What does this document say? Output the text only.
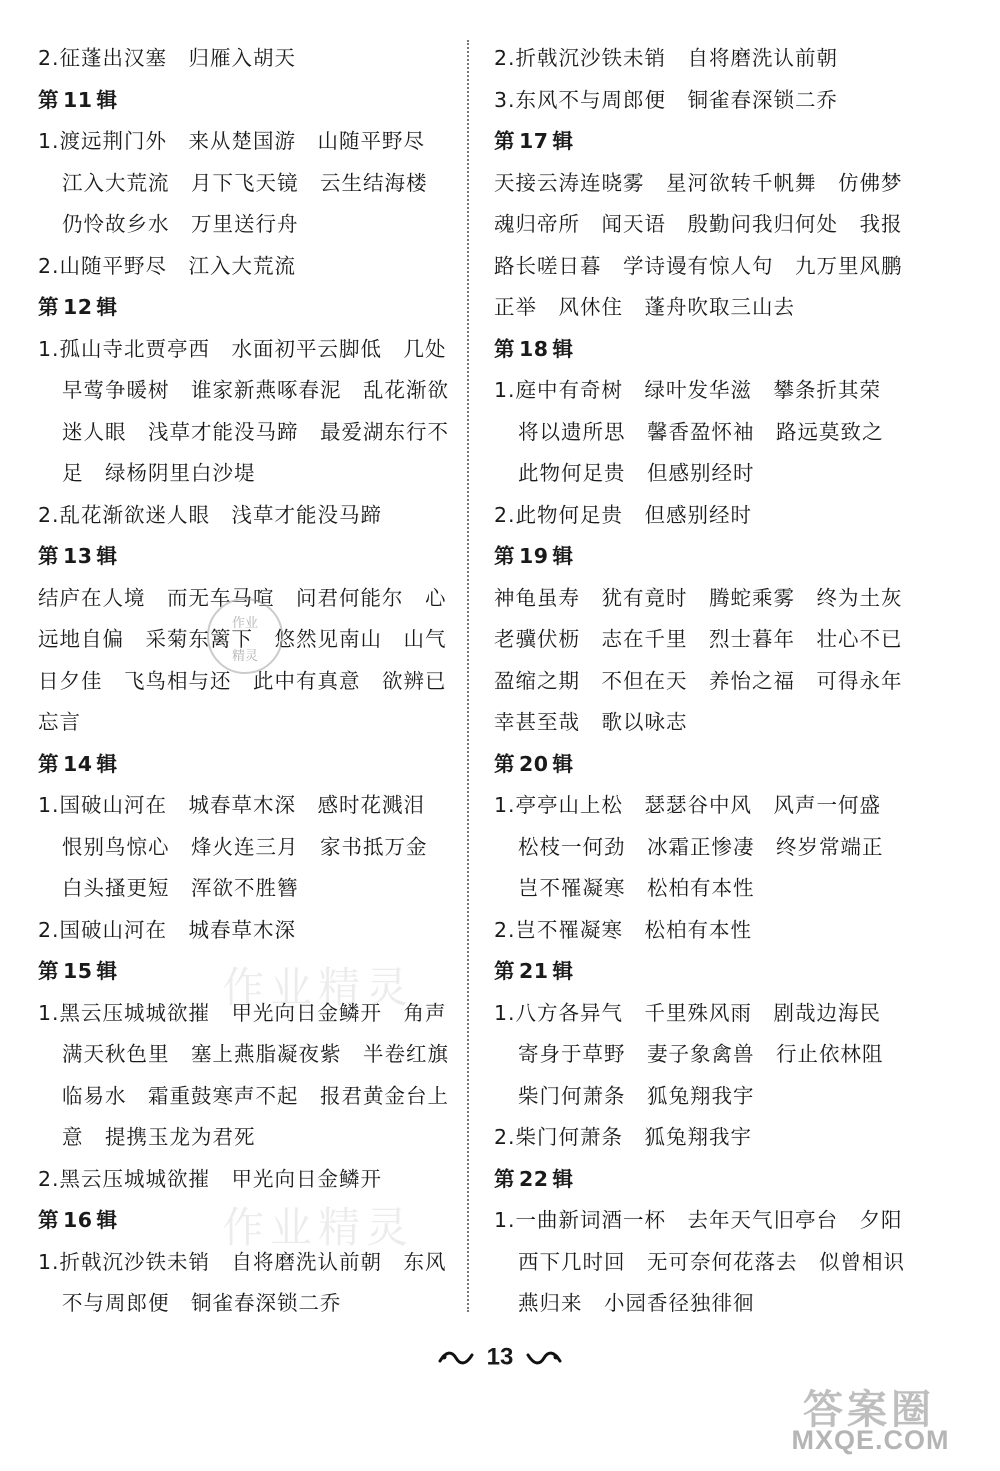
2.征蓬出汉塞　归雁入胡天
第 11 辑
1.渡远荆门外　来从楚国游　山随平野尽
江入大荒流　月下飞天镜　云生结海楼
仍怜故乡水　万里送行舟
2.山随平野尽　江入大荒流
第 12 辑
1.孤山寺北贾亭西　水面初平云脚低　几处
早莺争暖树　谁家新燕啄春泥　乱花渐欲
迷人眼　浅草才能没马蹄　最爱湖东行不
足　绿杨阴里白沙堤
2.乱花渐欲迷人眼　浅草才能没马蹄
第 13 辑
结庐在人境　而无车马喧　问君何能尔　心
远地自偏　采菊东篱下　悠然见南山　山气
日夕佳　飞鸟相与还　此中有真意　欲辨已
忘言
第 14 辑
1.国破山河在　城春草木深　感时花溅泪
恨别鸟惊心　烽火连三月　家书抵万金
白头搔更短　浑欲不胜簪
2.国破山河在　城春草木深
第 15 辑
1.黑云压城城欲摧　甲光向日金鳞开　角声
满天秋色里　塞上燕脂凝夜紫　半卷红旗
临易水　霜重鼓寒声不起　报君黄金台上
意　提携玉龙为君死
2.黑云压城城欲摧　甲光向日金鳞开
第 16 辑
1.折戟沉沙铁未销　自将磨洗认前朝　东风
不与周郎便　铜雀春深锁二乔
2.折戟沉沙铁未销　自将磨洗认前朝
3.东风不与周郎便　铜雀春深锁二乔
第 17 辑
天接云涛连晓雾　星河欲转千帆舞　仿佛梦
魂归帝所　闻天语　殷勤问我归何处　我报
路长嗟日暮　学诗谩有惊人句　九万里风鹏
正举　风休住　蓬舟吹取三山去
第 18 辑
1.庭中有奇树　绿叶发华滋　攀条折其荣
将以遗所思　馨香盈怀袖　路远莫致之
此物何足贵　但感别经时
2.此物何足贵　但感别经时
第 19 辑
神龟虽寿　犹有竟时　腾蛇乘雾　终为土灰
老骥伏枥　志在千里　烈士暮年　壮心不已
盈缩之期　不但在天　养怡之福　可得永年
幸甚至哉　歌以咏志
第 20 辑
1.亭亭山上松　瑟瑟谷中风　风声一何盛
松枝一何劲　冰霜正惨凄　终岁常端正
岂不罹凝寒　松柏有本性
2.岂不罹凝寒　松柏有本性
第 21 辑
1.八方各异气　千里殊风雨　剧哉边海民
寄身于草野　妻子象禽兽　行止依林阻
柴门何萧条　狐兔翔我宇
2.柴门何萧条　狐兔翔我宇
第 22 辑
1.一曲新词酒一杯　去年天气旧亭台　夕阳
西下几时回　无可奈何花落去　似曾相识
燕归来　小园香径独徘徊
作业精灵
作业精灵
作业
精灵
13
答案圈
MXQE.COM
